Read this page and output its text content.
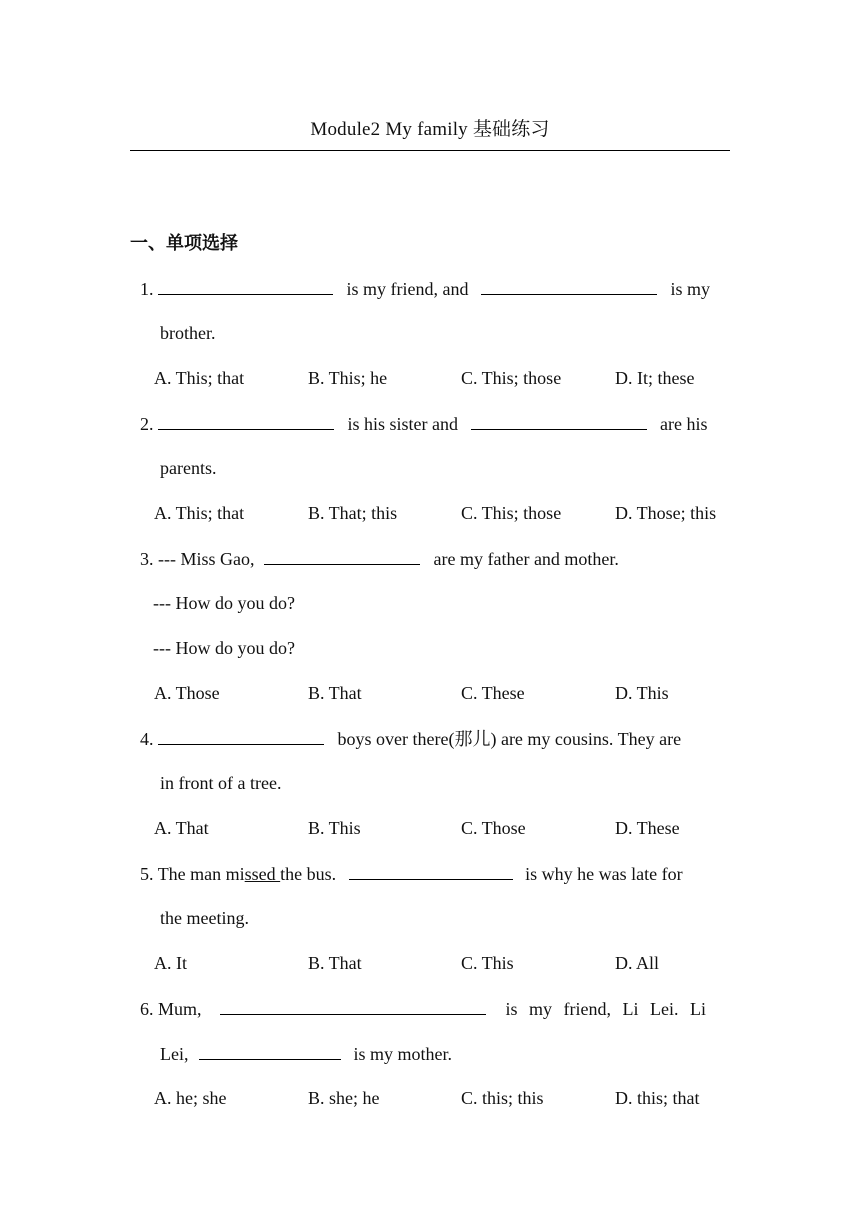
Module2 My family 基础练习
一、单项选择
1.	is my friend, and	is my
brother.
A. This; that	B. This; he	C. This; those	D. It; these
2.	is his sister and	are his
parents.
A. This; that	B. That; this	C. This; those	D. Those; this
3. --- Miss Gao,	are my father and mother.
--- How do you do?
--- How do you do?
A. Those	B. That	C. These	D. This
4.	boys over there(那儿) are my cousins. They are
in front of a tree.
A. That	B. This	C. Those	D. These
5. The man missed the bus.	is why he was late for
the meeting.
A. It	B. That	C. This	D. All
6. Mum,	is my friend, Li Lei. Li
Lei,	is my mother.
A. he; she	B. she; he	C. this; this	D. this; that
